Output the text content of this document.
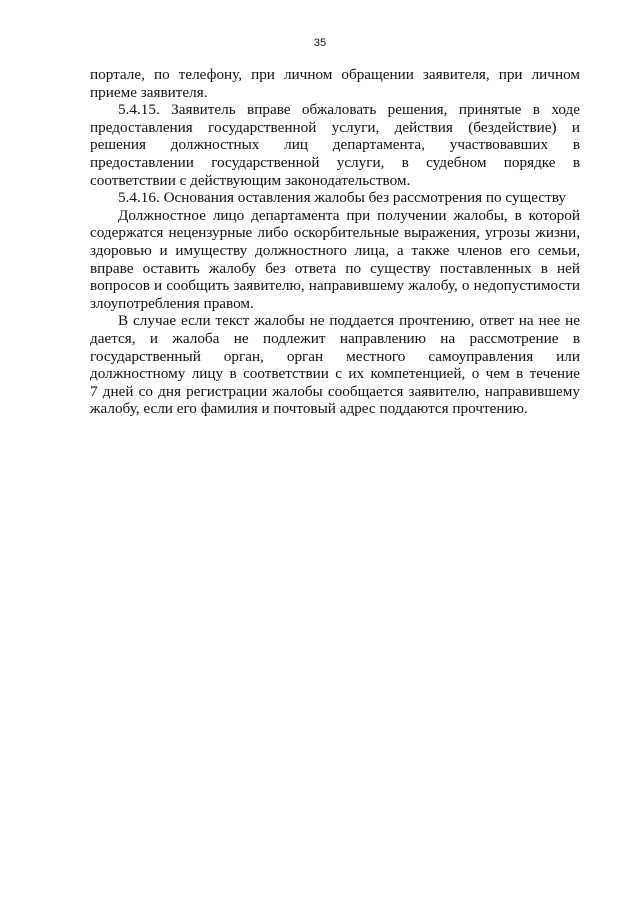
35
портале, по телефону, при личном обращении заявителя, при личном
приеме заявителя.
5.4.15. Заявитель вправе обжаловать решения, принятые в ходе
предоставления государственной услуги, действия (бездействие) и
решения должностных лиц департамента, участвовавших в
предоставлении государственной услуги, в судебном порядке в
соответствии с действующим законодательством.
5.4.16. Основания оставления жалобы без рассмотрения по существу
Должностное лицо департамента при получении жалобы, в которой
содержатся нецензурные либо оскорбительные выражения, угрозы жизни,
здоровью и имуществу должностного лица, а также членов его семьи,
вправе оставить жалобу без ответа по существу поставленных в ней
вопросов и сообщить заявителю, направившему жалобу, о недопустимости
злоупотребления правом.
В случае если текст жалобы не поддается прочтению, ответ на нее не
дается, и жалоба не подлежит направлению на рассмотрение в
государственный орган, орган местного самоуправления или
должностному лицу в соответствии с их компетенцией, о чем в течение
7 дней со дня регистрации жалобы сообщается заявителю, направившему
жалобу, если его фамилия и почтовый адрес поддаются прочтению.
